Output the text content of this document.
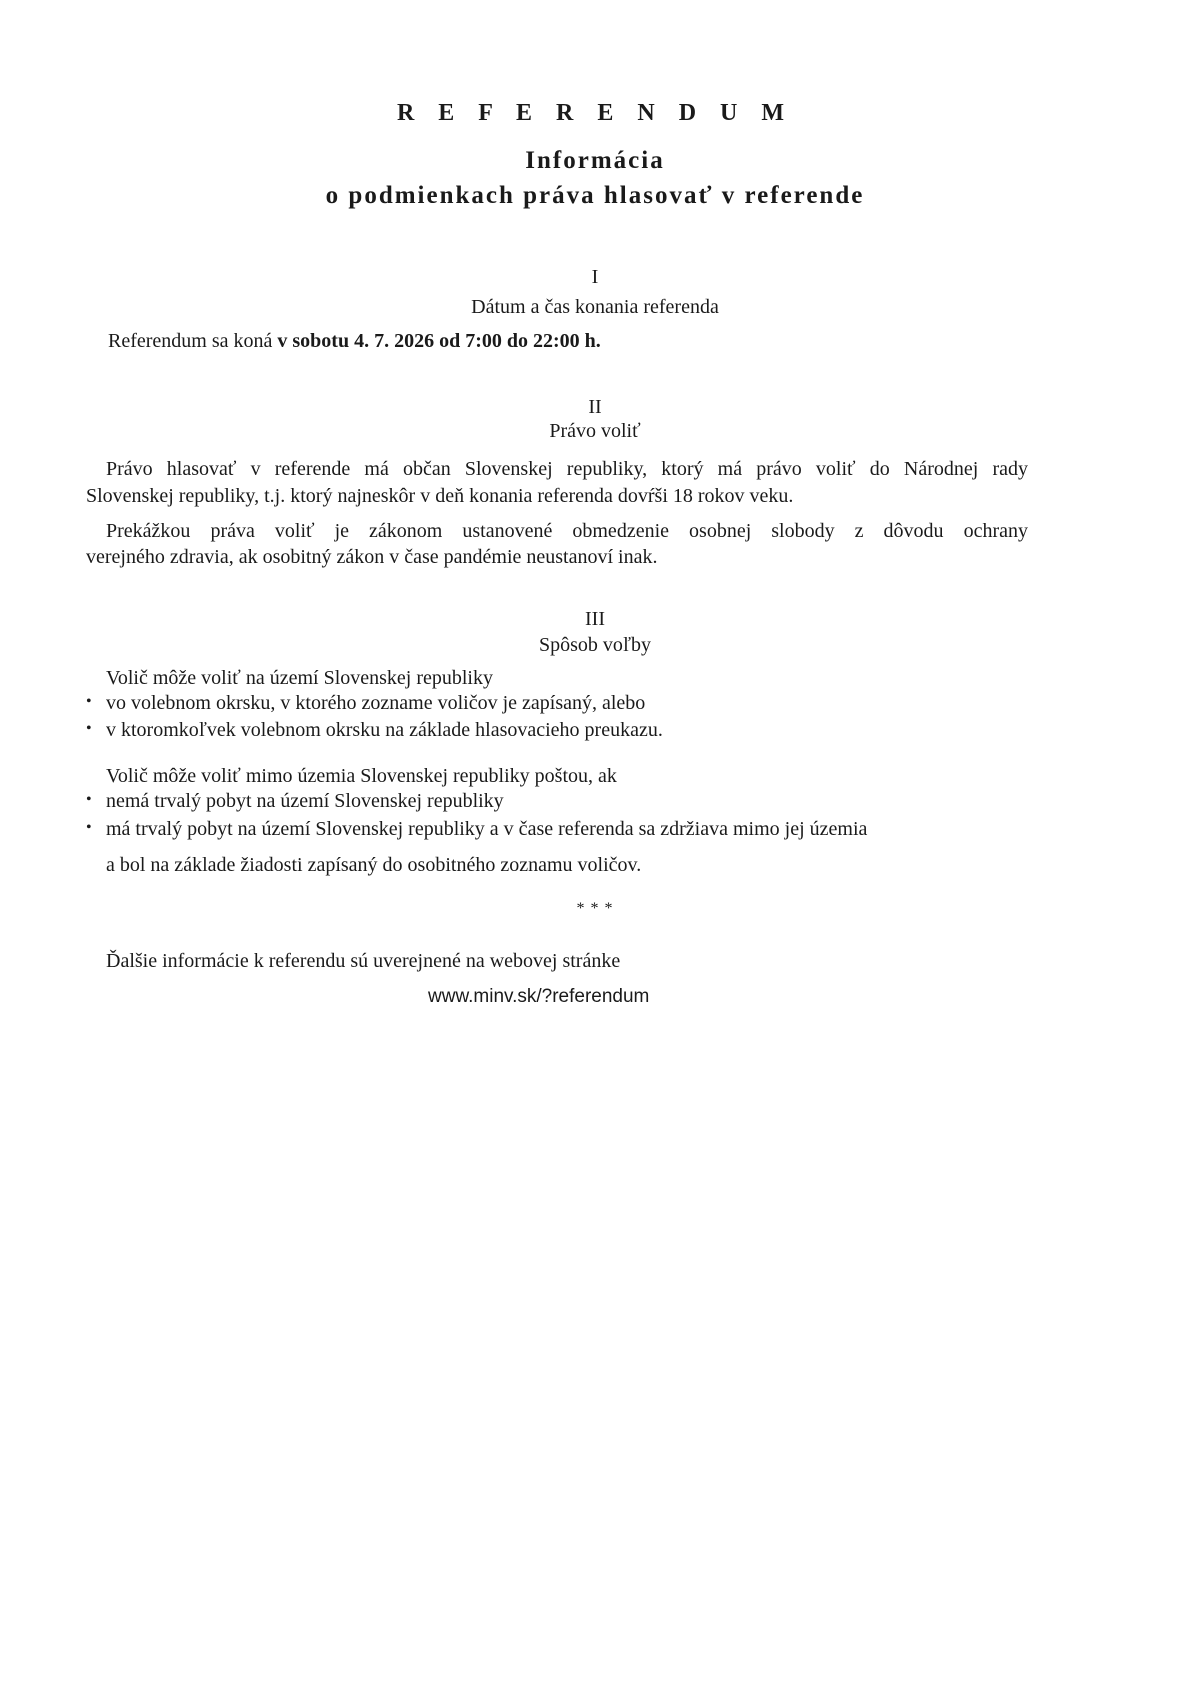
R E F E R E N D U M
Informácia
o podmienkach práva hlasovať v referende
I
Dátum a čas konania referenda
Referendum sa koná v sobotu 4. 7. 2026 od 7:00 do 22:00 h.
II
Právo voliť
Právo hlasovať v referende má občan Slovenskej republiky, ktorý má právo voliť do Národnej rady
Slovenskej republiky, t.j. ktorý najneskôr v deň konania referenda dovŕši 18 rokov veku.
Prekážkou práva voliť je zákonom ustanovené obmedzenie osobnej slobody z dôvodu ochrany
verejného zdravia, ak osobitný zákon v čase pandémie neustanoví inak.
III
Spôsob voľby
Volič môže voliť na území Slovenskej republiky
• vo volebnom okrsku, v ktorého zozname voličov je zapísaný, alebo
• v ktoromkoľvek volebnom okrsku na základe hlasovacieho preukazu.
Volič môže voliť mimo územia Slovenskej republiky poštou, ak
• nemá trvalý pobyt na území Slovenskej republiky
• má trvalý pobyt na území Slovenskej republiky a v čase referenda sa zdržiava mimo jej územia
a bol na základe žiadosti zapísaný do osobitného zoznamu voličov.
* * *
Ďalšie informácie k referendu sú uverejnené na webovej stránke
www.minv.sk/?referendum
